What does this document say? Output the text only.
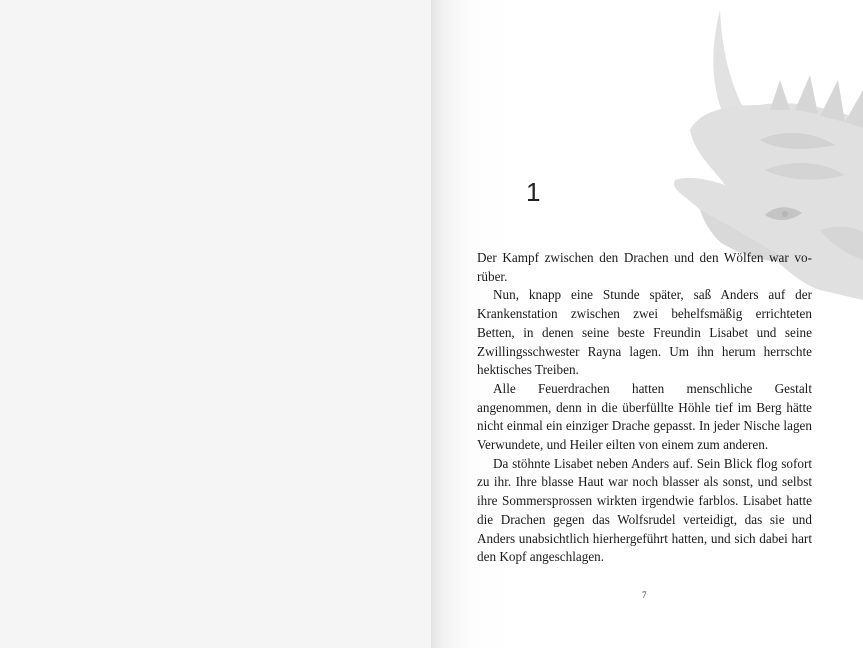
1

Der Kampf zwischen den Drachen und den Wölfen war vorüber.

Nun, knapp eine Stunde später, saß Anders auf der Krankenstation zwischen zwei behelfsmäßig errichteten Betten, in denen seine beste Freundin Lisabet und seine Zwillingsschwester Rayna lagen. Um ihn herum herrschte hektisches Treiben.

Alle Feuerdrachen hatten menschliche Gestalt angenommen, denn in die überfüllte Höhle tief im Berg hätte nicht einmal ein einziger Drache gepasst. In jeder Nische lagen Verwundete, und Heiler eilten von einem zum anderen.

Da stöhnte Lisabet neben Anders auf. Sein Blick flog sofort zu ihr. Ihre blasse Haut war noch blasser als sonst, und selbst ihre Sommersprossen wirkten irgendwie farblos. Lisabet hatte die Drachen gegen das Wolfsrudel verteidigt, das sie und Anders unabsichtlich hierhergeführt hatten, und sich dabei hart den Kopf angeschlagen.

7
